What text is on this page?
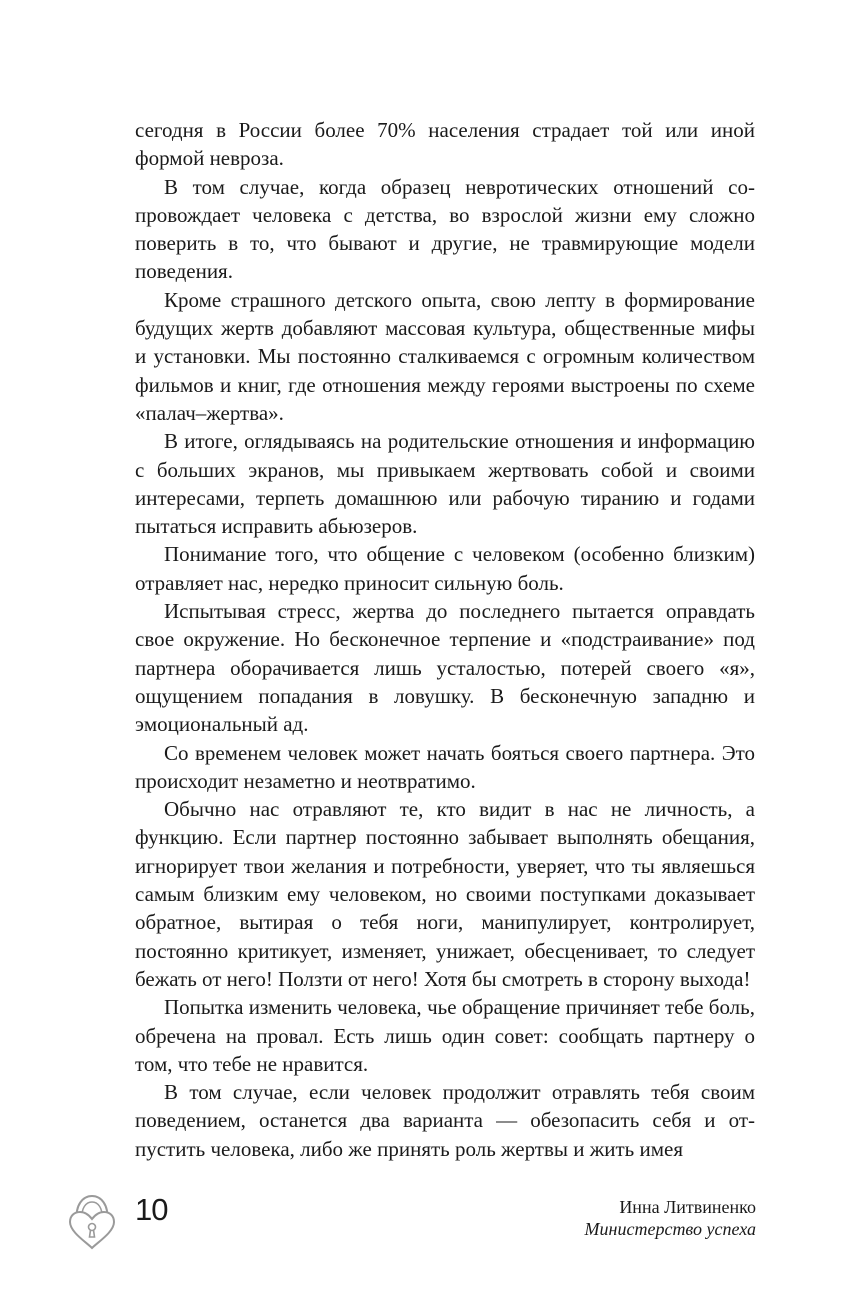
сегодня в России более 70% населения страдает той или иной формой невроза.

В том случае, когда образец невротических отношений сопровождает человека с детства, во взрослой жизни ему сложно поверить в то, что бывают и другие, не травмирующие модели поведения.

Кроме страшного детского опыта, свою лепту в формирование будущих жертв добавляют массовая культура, общественные мифы и установки. Мы постоянно сталкиваемся с огромным количеством фильмов и книг, где отношения между героями выстроены по схеме «палач–жертва».

В итоге, оглядываясь на родительские отношения и информацию с больших экранов, мы привыкаем жертвовать собой и своими интересами, терпеть домашнюю или рабочую тиранию и годами пытаться исправить абьюзеров.

Понимание того, что общение с человеком (особенно близким) отравляет нас, нередко приносит сильную боль.

Испытывая стресс, жертва до последнего пытается оправдать свое окружение. Но бесконечное терпение и «подстраивание» под партнера оборачивается лишь усталостью, потерей своего «я», ощущением попадания в ловушку. В бесконечную западню и эмоциональный ад.

Со временем человек может начать бояться своего партнера. Это происходит незаметно и неотвратимо.

Обычно нас отравляют те, кто видит в нас не личность, а функцию. Если партнер постоянно забывает выполнять обещания, игнорирует твои желания и потребности, уверяет, что ты являешься самым близким ему человеком, но своими поступками доказывает обратное, вытирая о тебя ноги, манипулирует, контролирует, постоянно критикует, изменяет, унижает, обесценивает, то следует бежать от него! Ползти от него! Хотя бы смотреть в сторону выхода!

Попытка изменить человека, чье обращение причиняет тебе боль, обречена на провал. Есть лишь один совет: сообщать партнеру о том, что тебе не нравится.

В том случае, если человек продолжит отравлять тебя своим поведением, останется два варианта — обезопасить себя и отпустить человека, либо же принять роль жертвы и жить имея

10	Инна Литвиненко
Министерство успеха
